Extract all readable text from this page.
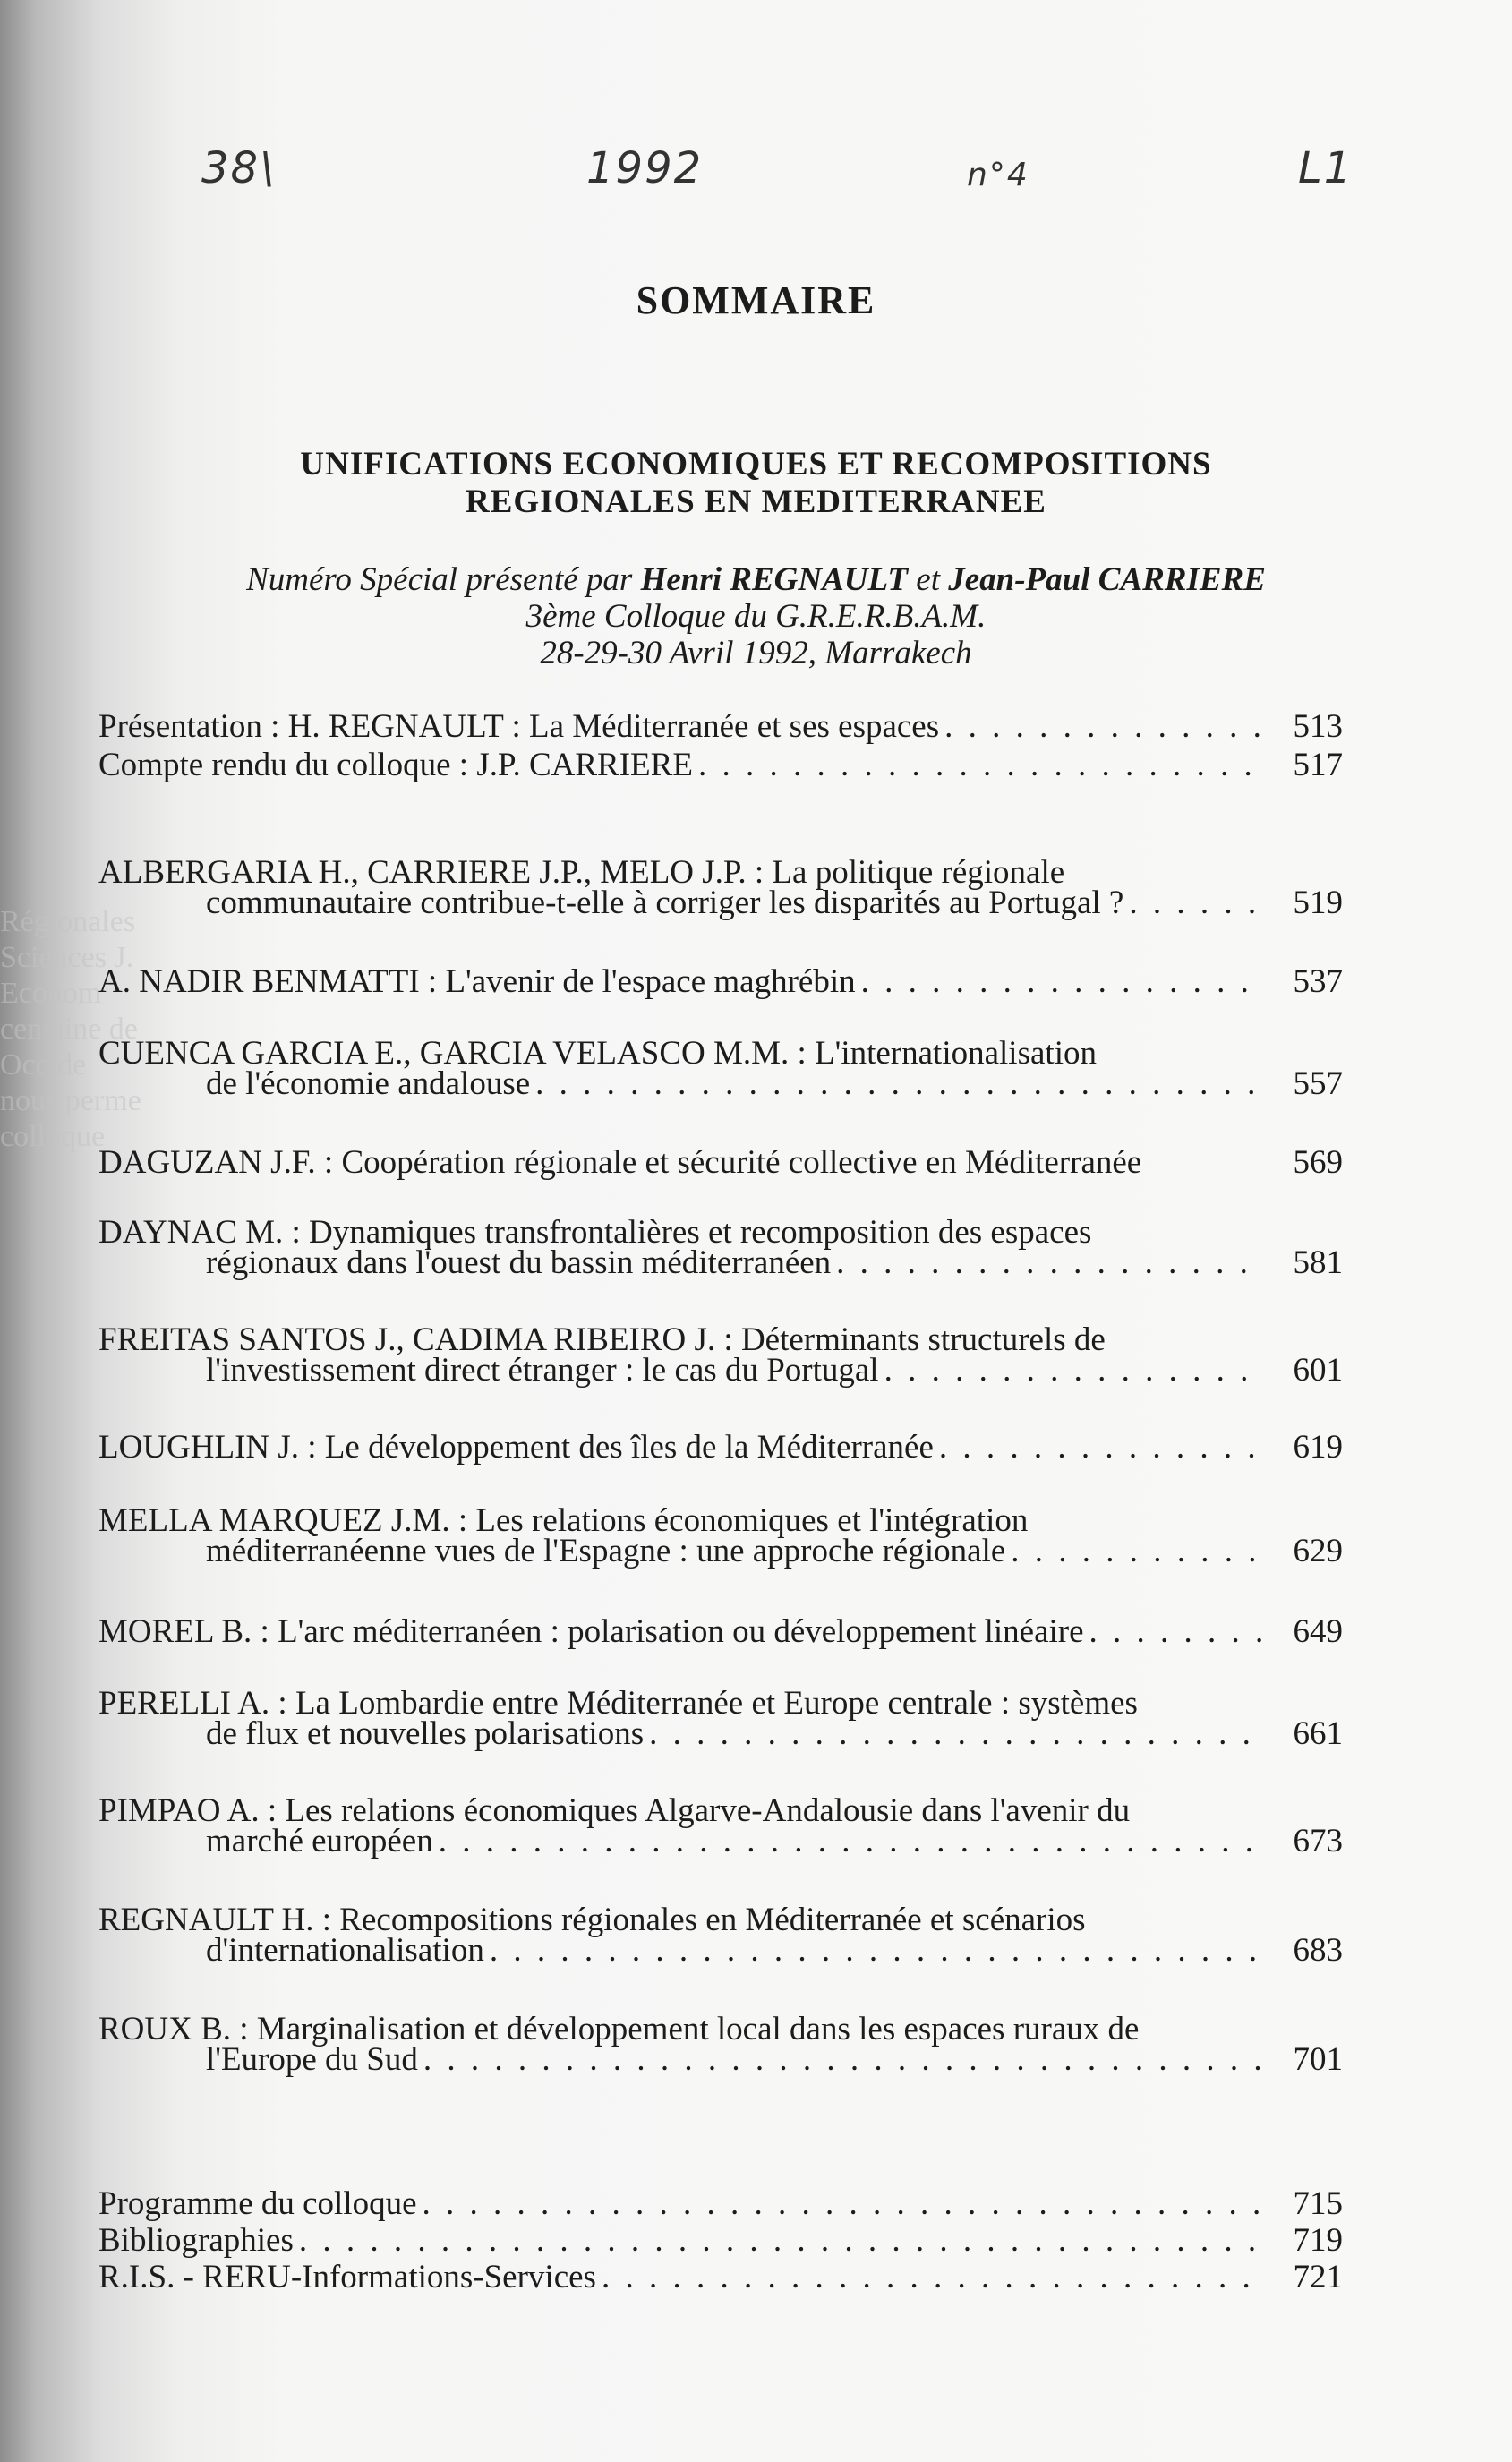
Régionales
Sciences J.
Econom
centaine de
Occide
nous perme
colloque
38\	1992	n°4	L1
SOMMAIRE
UNIFICATIONS ECONOMIQUES ET RECOMPOSITIONS
REGIONALES EN MEDITERRANEE
Numéro Spécial présenté par Henri REGNAULT et Jean-Paul CARRIERE
3ème Colloque du G.R.E.R.B.A.M.
28-29-30 Avril 1992, Marrakech
Présentation : H. REGNAULT : La Méditerranée et ses espaces . . .	513
Compte rendu du colloque : J.P. CARRIERE . . .	517
ALBERGARIA H., CARRIERE J.P., MELO J.P. : La politique régionale
communautaire contribue-t-elle à corriger les disparités au Portugal ? . . .	519
A. NADIR BENMATTI : L'avenir de l'espace maghrébin . . .	537
CUENCA GARCIA E., GARCIA VELASCO M.M. : L'internationalisation
de l'économie andalouse . . .	557
DAGUZAN J.F. : Coopération régionale et sécurité collective en Méditerranée	569
DAYNAC M. : Dynamiques transfrontalières et recomposition des espaces
régionaux dans l'ouest du bassin méditerranéen . . .	581
FREITAS SANTOS J., CADIMA RIBEIRO J. : Déterminants structurels de
l'investissement direct étranger : le cas du Portugal . . .	601
LOUGHLIN J. : Le développement des îles de la Méditerranée . . .	619
MELLA MARQUEZ J.M. : Les relations économiques et l'intégration
méditerranéenne vues de l'Espagne : une approche régionale . . .	629
MOREL B. : L'arc méditerranéen : polarisation ou développement linéaire . . .	649
PERELLI A. : La Lombardie entre Méditerranée et Europe centrale : systèmes
de flux et nouvelles polarisations . . .	661
PIMPAO A. : Les relations économiques Algarve-Andalousie dans l'avenir du
marché européen . . .	673
REGNAULT H. : Recompositions régionales en Méditerranée et scénarios
d'internationalisation . . .	683
ROUX B. : Marginalisation et développement local dans les espaces ruraux de
l'Europe du Sud . . .	701
Programme du colloque . . .	715
Bibliographies . . .	719
R.I.S. - RERU-Informations-Services . . .	721
